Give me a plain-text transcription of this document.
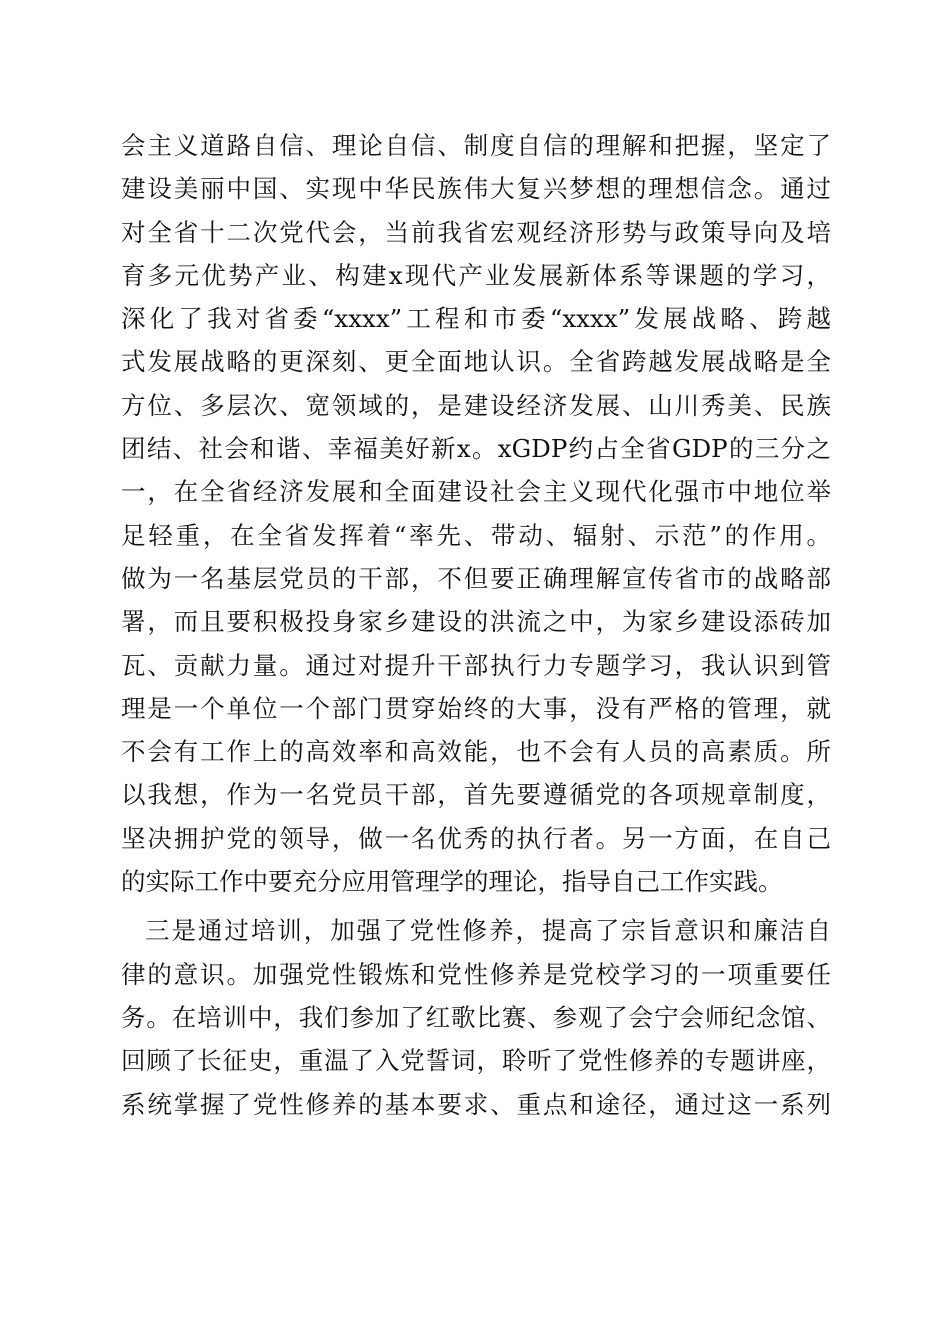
会主义道路自信、理论自信、制度自信的理解和把握，坚定了
建设美丽中国、实现中华民族伟大复兴梦想的理想信念。通过
对全省十二次党代会，当前我省宏观经济形势与政策导向及培
育多元优势产业、构建x现代产业发展新体系等课题的学习，
深化了我对省委“xxxx”工程和市委“xxxx”发展战略、跨越
式发展战略的更深刻、更全面地认识。全省跨越发展战略是全
方位、多层次、宽领域的，是建设经济发展、山川秀美、民族
团结、社会和谐、幸福美好新x。xGDP约占全省GDP的三分之
一，在全省经济发展和全面建设社会主义现代化强市中地位举
足轻重，在全省发挥着“率先、带动、辐射、示范”的作用。
做为一名基层党员的干部，不但要正确理解宣传省市的战略部
署，而且要积极投身家乡建设的洪流之中，为家乡建设添砖加
瓦、贡献力量。通过对提升干部执行力专题学习，我认识到管
理是一个单位一个部门贯穿始终的大事，没有严格的管理，就
不会有工作上的高效率和高效能，也不会有人员的高素质。所
以我想，作为一名党员干部，首先要遵循党的各项规章制度，
坚决拥护党的领导，做一名优秀的执行者。另一方面，在自己
的实际工作中要充分应用管理学的理论，指导自己工作实践。
三是通过培训，加强了党性修养，提高了宗旨意识和廉洁自
律的意识。加强党性锻炼和党性修养是党校学习的一项重要任
务。在培训中，我们参加了红歌比赛、参观了会宁会师纪念馆、
回顾了长征史，重温了入党誓词，聆听了党性修养的专题讲座，
系统掌握了党性修养的基本要求、重点和途径，通过这一系列
